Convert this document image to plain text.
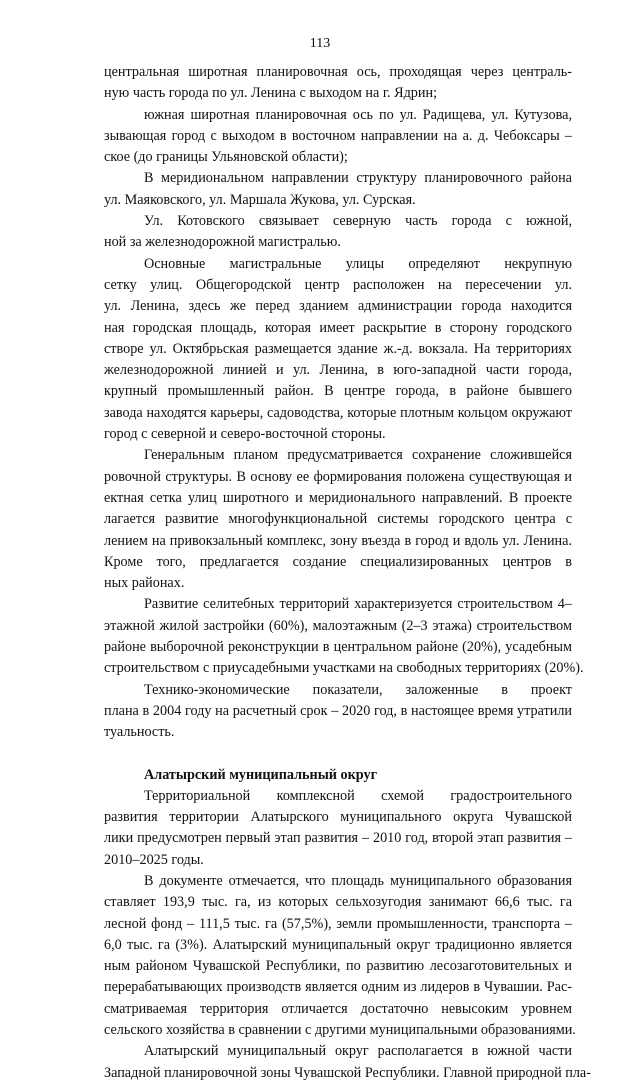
113
центральная широтная планировочная ось, проходящая через централь-
ную часть города по ул. Ленина с выходом на г. Ядрин;
южная широтная планировочная ось по ул. Радищева, ул. Кутузова,
зывающая город с выходом в восточном направлении на а. д. Чебоксары –
ское (до границы Ульяновской области);
В меридиональном направлении структуру планировочного района
ул. Маяковского, ул. Маршала Жукова, ул. Сурская.
Ул. Котовского связывает северную часть города с южной,
ной за железнодорожной магистралью.
Основные магистральные улицы определяют некрупную
сетку улиц. Общегородской центр расположен на пересечении ул.
ул. Ленина, здесь же перед зданием администрации города находится
ная городская площадь, которая имеет раскрытие в сторону городского
створе ул. Октябрьская размещается здание ж.-д. вокзала. На территориях
железнодорожной линией и ул. Ленина, в юго-западной части города,
крупный промышленный район. В центре города, в районе бывшего
завода находятся карьеры, садоводства, которые плотным кольцом окружают
город с северной и северо-восточной стороны.
Генеральным планом предусматривается сохранение сложившейся
ровочной структуры. В основу ее формирования положена существующая и
ектная сетка улиц широтного и меридионального направлений. В проекте
лагается развитие многофункциональной системы городского центра с
лением на привокзальный комплекс, зону въезда в город и вдоль ул. Ленина.
Кроме того, предлагается создание специализированных центров в
ных районах.
Развитие селитебных территорий характеризуется строительством 4–
этажной жилой застройки (60%), малоэтажным (2–3 этажа) строительством
районе выборочной реконструкции в центральном районе (20%), усадебным
строительством с приусадебными участками на свободных территориях (20%).
Технико-экономические показатели, заложенные в проект
плана в 2004 году на расчетный срок – 2020 год, в настоящее время утратили
туальность.
Алатырский муниципальный округ
Территориальной комплексной схемой градостроительного
развития территории Алатырского муниципального округа Чувашской
лики предусмотрен первый этап развития – 2010 год, второй этап развития –
2010–2025 годы.
В документе отмечается, что площадь муниципального образования
ставляет 193,9 тыс. га, из которых сельхозугодия занимают 66,6 тыс. га
лесной фонд – 111,5 тыс. га (57,5%), земли промышленности, транспорта –
6,0 тыс. га (3%). Алатырский муниципальный округ традиционно является
ным районом Чувашской Республики, по развитию лесозаготовительных и
перерабатывающих производств является одним из лидеров в Чувашии. Рас-
сматриваемая территория отличается достаточно невысоким уровнем
сельского хозяйства в сравнении с другими муниципальными образованиями.
Алатырский муниципальный округ располагается в южной части
Западной планировочной зоны Чувашской Республики. Главной природной пла-
